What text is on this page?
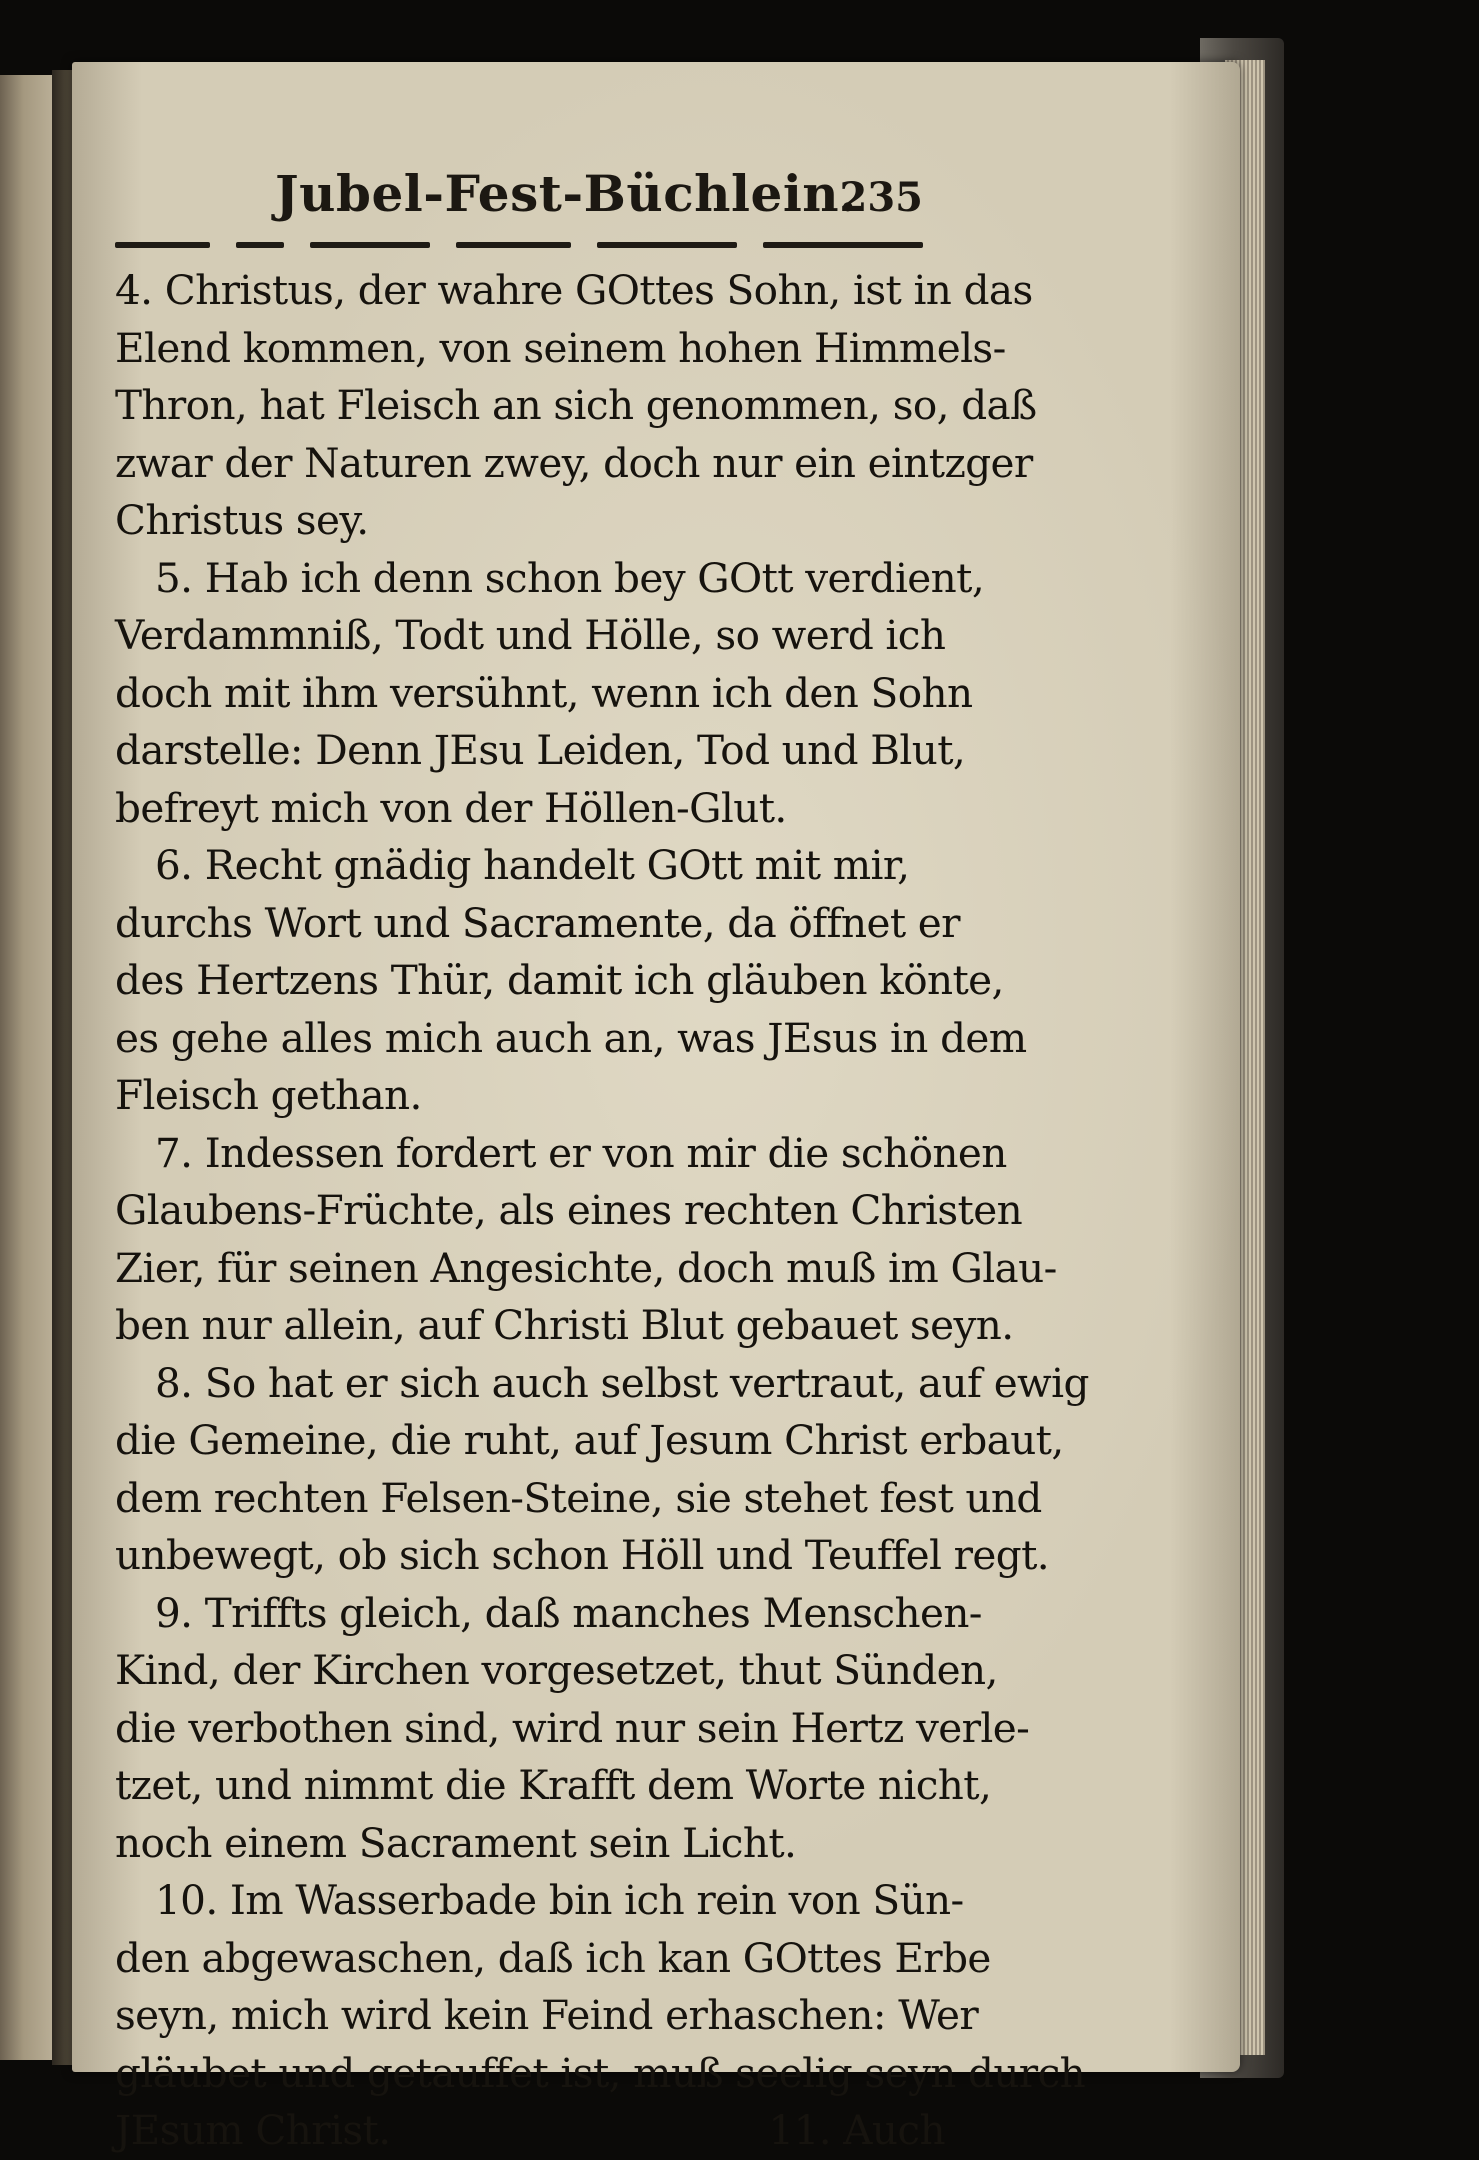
Jubel-Fest-Büchlein.
235
4. Christus, der wahre GOttes Sohn, ist in das
Elend kommen, von seinem hohen Himmels-
Thron, hat Fleisch an sich genommen, so, daß
zwar der Naturen zwey, doch nur ein eintzger
Christus sey.
5. Hab ich denn schon bey GOtt verdient,
Verdammniß, Todt und Hölle, so werd ich
doch mit ihm versühnt, wenn ich den Sohn
darstelle: Denn JEsu Leiden, Tod und Blut,
befreyt mich von der Höllen-Glut.
6. Recht gnädig handelt GOtt mit mir,
durchs Wort und Sacramente, da öffnet er
des Hertzens Thür, damit ich gläuben könte,
es gehe alles mich auch an, was JEsus in dem
Fleisch gethan.
7. Indessen fordert er von mir die schönen
Glaubens-Früchte, als eines rechten Christen
Zier, für seinen Angesichte, doch muß im Glau-
ben nur allein, auf Christi Blut gebauet seyn.
8. So hat er sich auch selbst vertraut, auf ewig
die Gemeine, die ruht, auf Jesum Christ erbaut,
dem rechten Felsen-Steine, sie stehet fest und
unbewegt, ob sich schon Höll und Teuffel regt.
9. Triffts gleich, daß manches Menschen-
Kind, der Kirchen vorgesetzet, thut Sünden,
die verbothen sind, wird nur sein Hertz verle-
tzet, und nimmt die Krafft dem Worte nicht,
noch einem Sacrament sein Licht.
10. Im Wasserbade bin ich rein von Sün-
den abgewaschen, daß ich kan GOttes Erbe
seyn, mich wird kein Feind erhaschen: Wer
gläubet und getauffet ist, muß seelig seyn durch
JEsum Christ.	11. Auch
